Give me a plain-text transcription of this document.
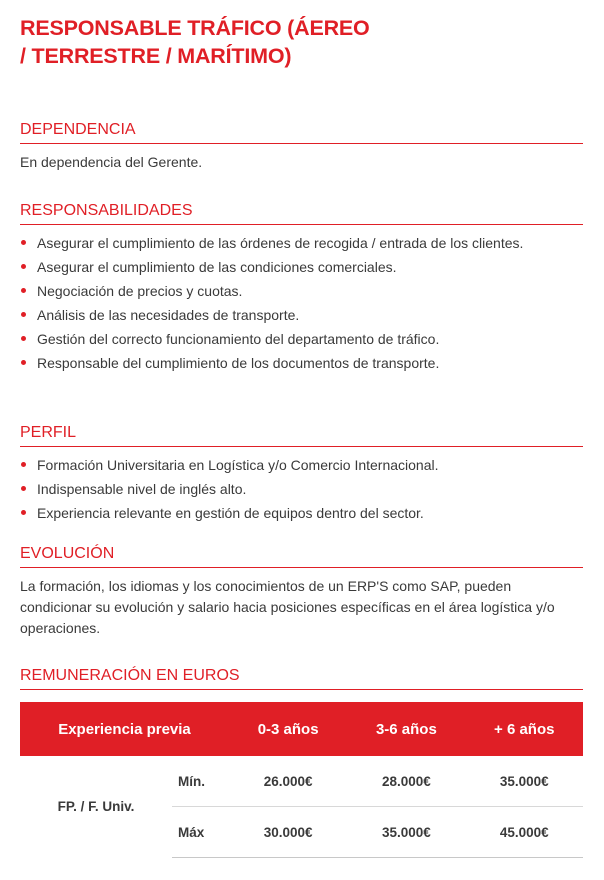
RESPONSABLE TRÁFICO (ÁEREO
/ TERRESTRE / MARÍTIMO)
DEPENDENCIA

En dependencia del Gerente.

RESPONSABILIDADES
Asegurar el cumplimiento de las órdenes de recogida / entrada de los clientes.
Asegurar el cumplimiento de las condiciones comerciales.
Negociación de precios y cuotas.
Análisis de las necesidades de transporte.
Gestión del correcto funcionamiento del departamento de tráfico.
Responsable del cumplimiento de los documentos de transporte.
PERFIL
Formación Universitaria en Logística y/o Comercio Internacional.
Indispensable nivel de inglés alto.
Experiencia relevante en gestión de equipos dentro del sector.
EVOLUCIÓN

La formación, los idiomas y los conocimientos de un ERP'S como SAP, pueden condicionar su evolución y salario hacia posiciones específicas en el área logística y/o operaciones.

REMUNERACIÓN EN EUROS
Experiencia previa		0-3 años	3-6 años	+ 6 años
FP. / F. Univ.	Mín.	26.000€	28.000€	35.000€
	Máx	30.000€	35.000€	45.000€
